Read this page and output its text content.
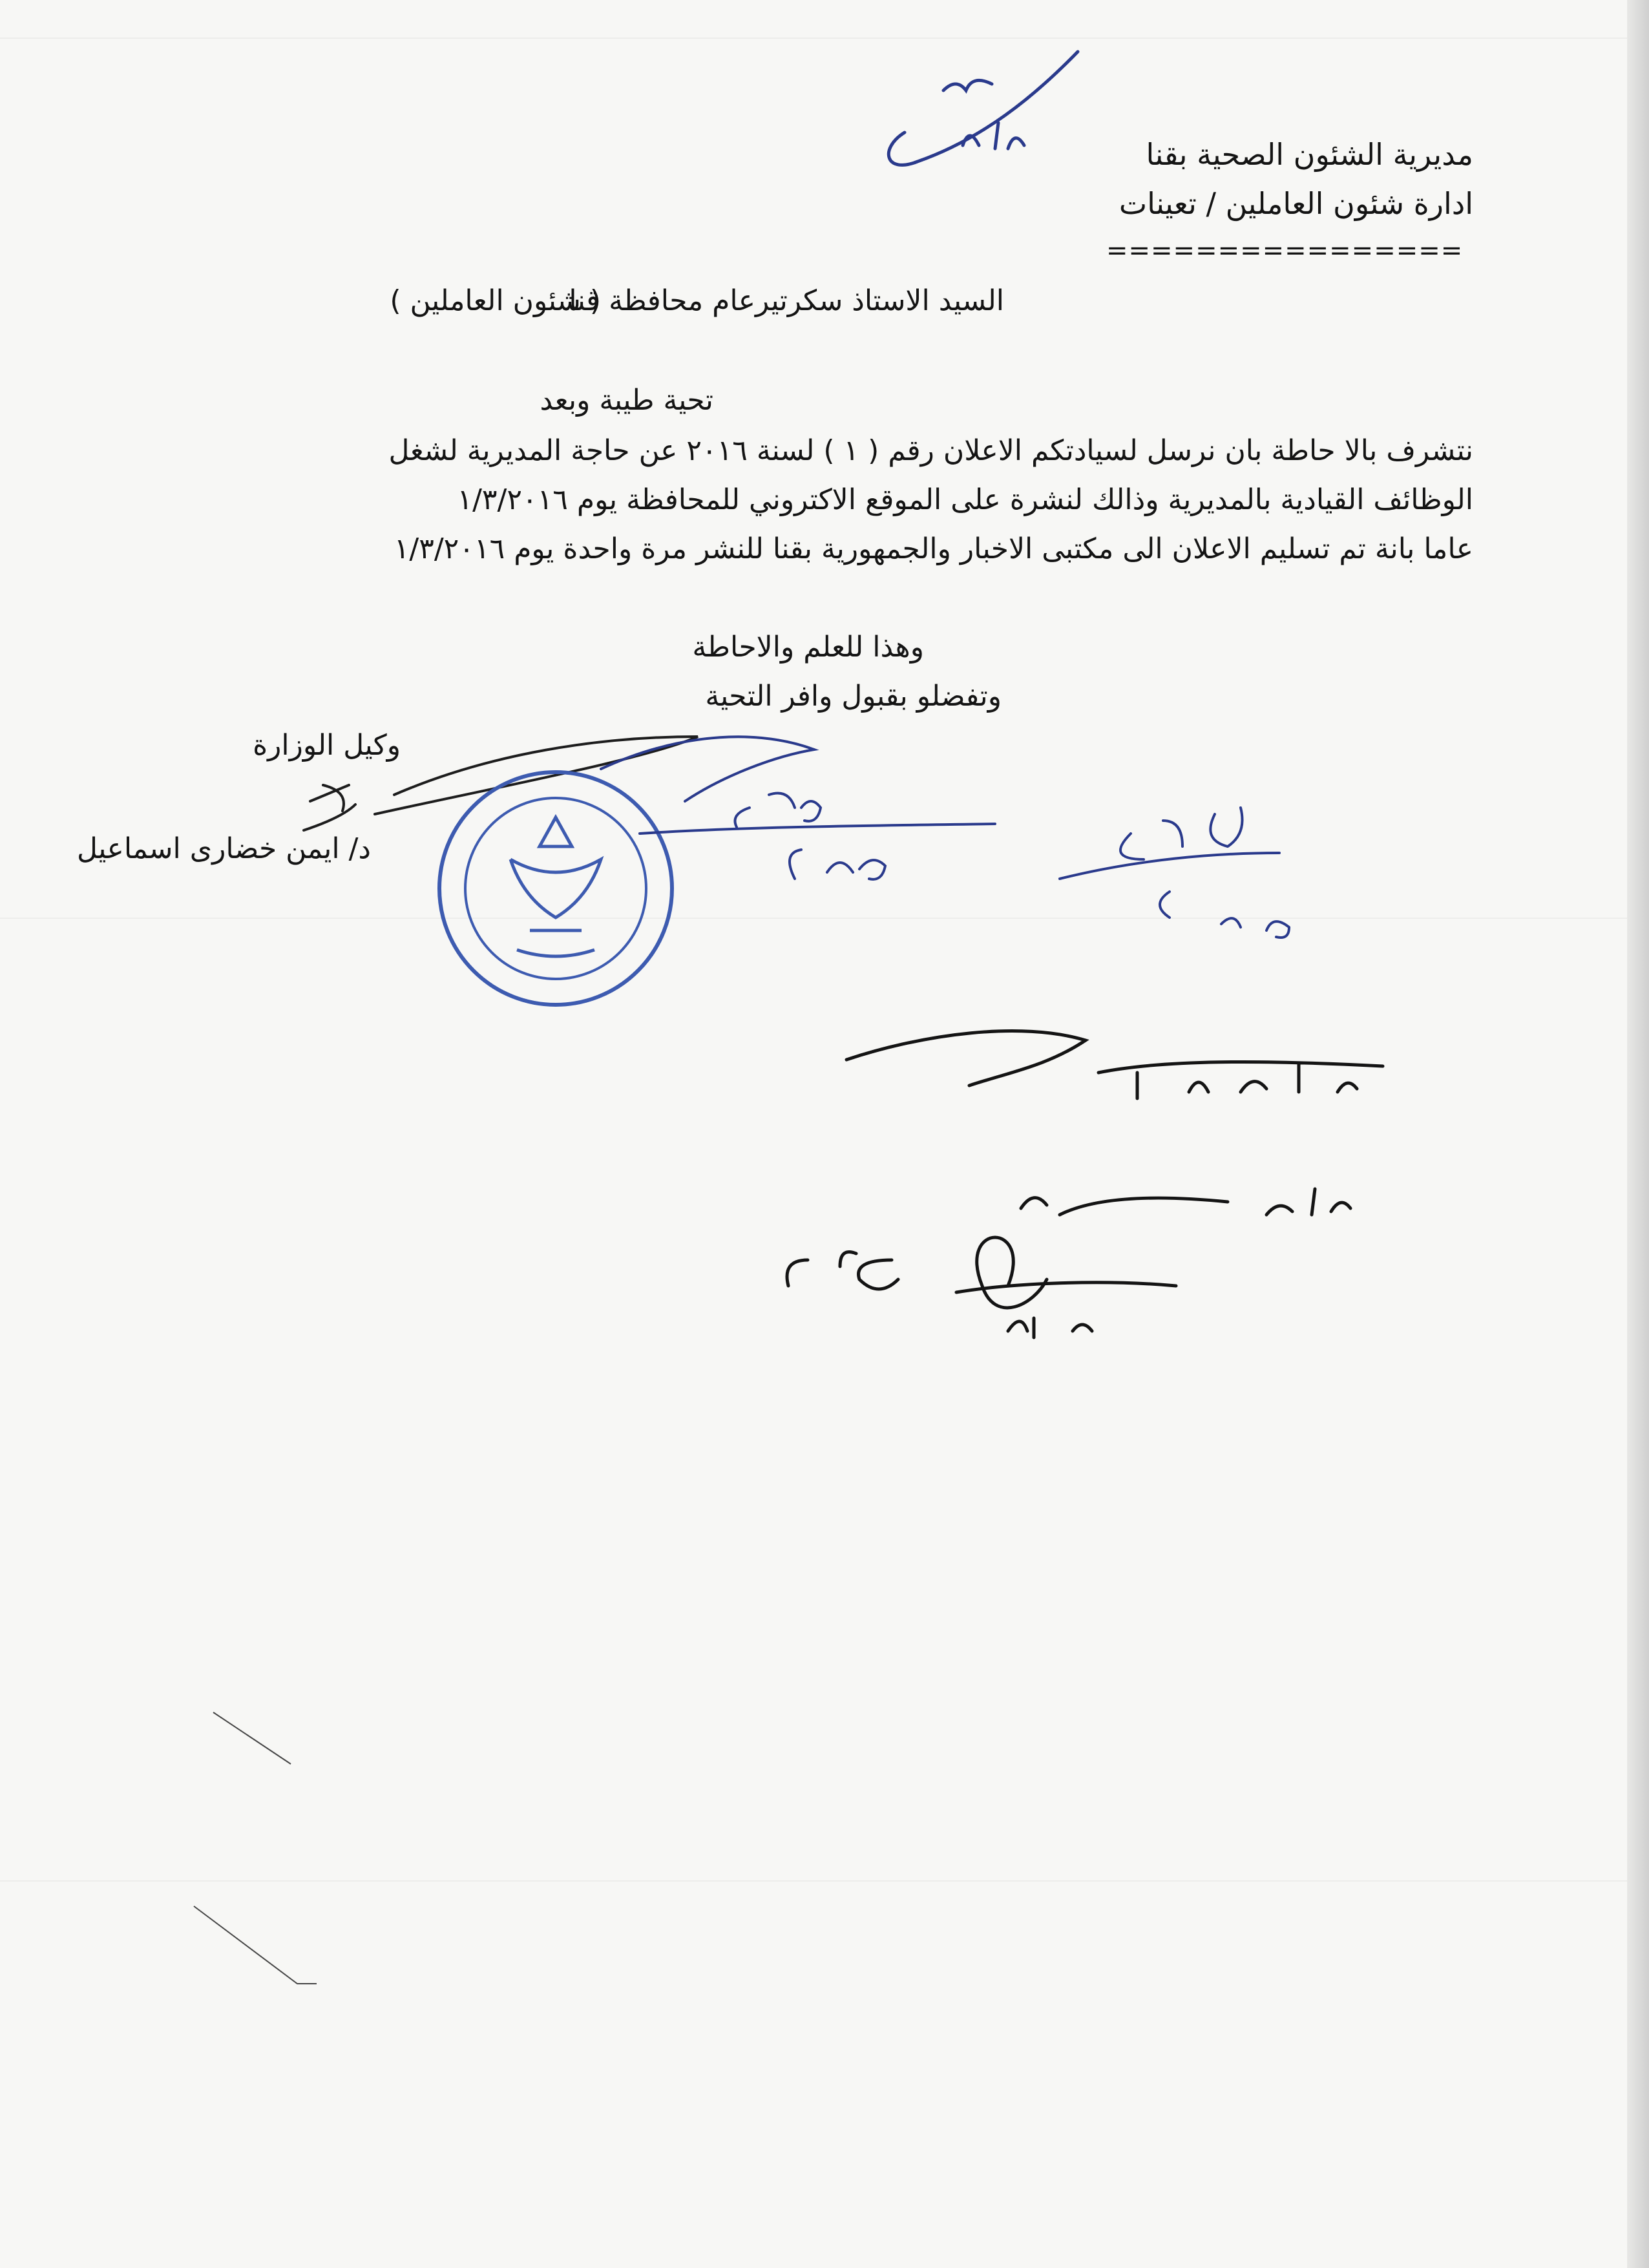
مديرية الشئون الصحية بقنا
ادارة شئون العاملين / تعينات
================
السيد الاستاذ سكرتيرعام محافظة قنا
( شئون العاملين )
تحية طيبة وبعد
نتشرف بالا حاطة بان نرسل لسيادتكم الاعلان رقم ( ١ ) لسنة ٢٠١٦ عن حاجة المديرية لشغل
الوظائف القيادية بالمديرية وذالك لنشرة على الموقع الاكتروني للمحافظة يوم ١/٣/٢٠١٦
عاما بانة تم تسليم الاعلان الى مكتبى الاخبار والجمهورية بقنا للنشر مرة واحدة يوم ١/٣/٢٠١٦
وهذا للعلم والاحاطة
وتفضلو بقبول وافر التحية
وكيل الوزارة
د/ ايمن خضارى اسماعيل
